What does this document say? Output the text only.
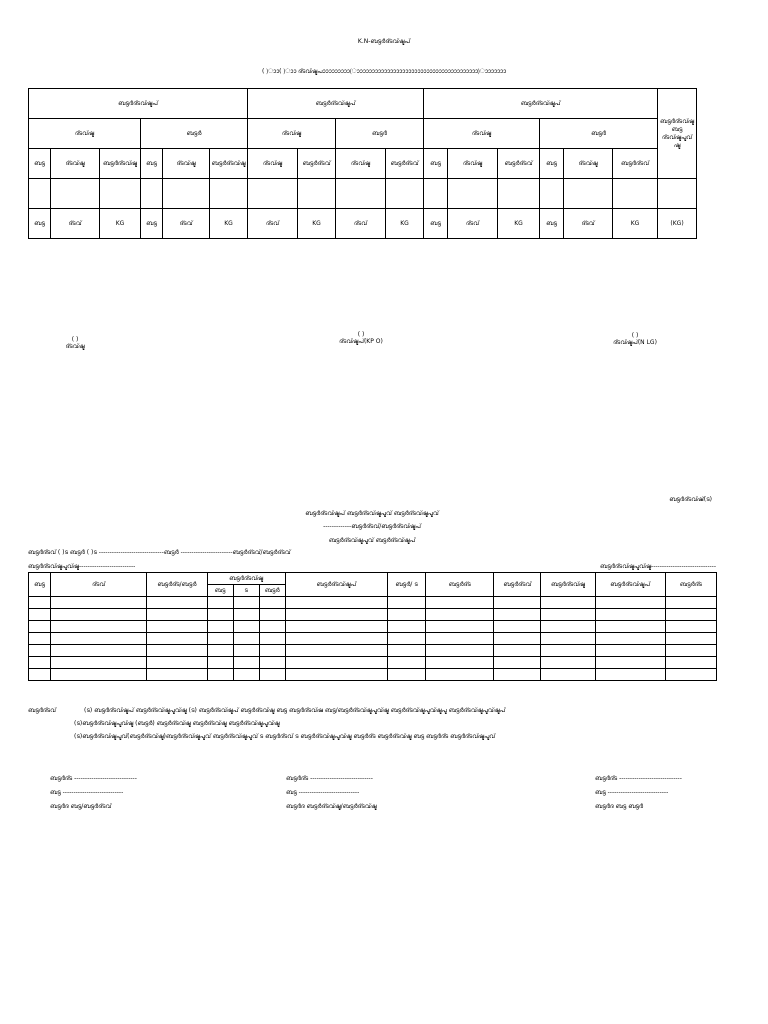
K.N-ബട്ടർദ്ടവ്ഷ്ടപ്
( )ാാ( )ാാ ദ്ടവ്ഷ്ടപാാാാാാാാാ(ാാാാാാാാാാാാാാാാാാാാാാാാാാാാാാാാാാാാാാാാ)ാാാാാാാ
ബട്ടർദ്ടവ്ഷ്ടപ്						ബട്ടർദ്ടവ്ഷ്ടപ്				ബട്ടർദ്ടവ്ഷ്ടപ്						ബട്ടർദ്ടവ്ഷ്ട ബട്ട ദ്ടവ്ഷ്ടപ്ടവ് ഷ്ട
ദ്ടവ്ഷ്ട			ബട്ടർ			ദ്ടവ്ഷ്ട		ബട്ടർ		ദ്ടവ്ഷ്ട			ബട്ടർ			
ബട്ട	ദ്ടവ്ഷ്ട	ബട്ടർദ്ടവ്ഷ്ട	ബട്ട	ദ്ടവ്ഷ്ട	ബട്ടർദ്ടവ്ഷ്ട	ദ്ടവ്ഷ്ട	ബട്ടർദ്ടവ്	ദ്ടവ്ഷ്ട	ബട്ടർദ്ടവ്	ബട്ട	ദ്ടവ്ഷ്ട	ബട്ടർദ്ടവ്	ബട്ട	ദ്ടവ്ഷ്ട	ബട്ടർദ്ടവ്	

ബട്ട	ദ്ടവ്	KG	ബട്ട	ദ്ടവ്	KG	ദ്ടവ്	KG	ദ്ടവ്	KG	ബട്ട	ദ്ടവ്	KG	ബട്ട	ദ്ടവ്	KG	(KG)
( )
ദ്ടവ്ഷ്ട
( )
ദ്ടവ്ഷ്ടപ്(KP O)
( )
ദ്ടവ്ഷ്ടപ്(N LG)
ബട്ടർദ്ടവ്ഷ്(ട)
ബട്ടർദ്ടവ്ഷ്ടപ് ബട്ടർദ്ടവ്ഷ്ടപ്ടവ് ബട്ടർദ്ടവ്ഷ്ടപ്ടവ്
-------------ബട്ടർദ്ടവ്/ബട്ടർദ്ടവ്ഷ്ടപ്
ബട്ടർദ്ടവ്ഷ്ടപ്ടവ് ബട്ടർദ്ടവ്ഷ്ടപ്
ബട്ടർദ്ടവ് ( )ട ബട്ടർ ( )ട ------------------------------ബട്ടർ ------------------------ബട്ടർദ്ടവ്/ബട്ടർദ്ടവ്
ബട്ടർദ്ടവ്ഷ്ടപ്ടവ്ഷ്ട--------------------------	ബട്ടർദ്ടവ്ഷ്ടപ്ടവ്ഷ്ട------------------------------
ബട്ട	ദ്ടവ്	ബട്ടർദ്ട/ബട്ടർ	ബട്ടർദ്ടവ്ഷ്ട			ബട്ടർദ്ടവ്ഷ്ടപ്	ബട്ടർ/ ട	ബട്ടർദ്ട	ബട്ടർദ്ടവ്	ബട്ടർദ്ടവ്ഷ്ട	ബട്ടർദ്ടവ്ഷ്ടപ്	ബട്ടർദ്ട
			ബട്ട	ട	ബട്ടർ							

ബട്ടർദ്ടവ്	(ട) ബട്ടർദ്ടവ്ഷ്ടപ് ബട്ടർദ്ടവ്ഷ്ടപ്ടവ്ഷ്ട (ട) ബട്ടർദ്ടവ്ഷ്ടപ് ബട്ടർദ്ടവ്ഷ്ട ബട്ട ബട്ടർദ്ടവ്ഷ ബട്ട/ബട്ടർദ്ടവ്ഷ്ടപ്ടവ്ഷ്ട ബട്ടർദ്ടവ്ഷ്ടപ്ടവ്ഷ്ടപ്ട ബട്ടർദ്ടവ്ഷ്ടപ്ടവ്ഷ്ടപ്
(ട)ബട്ടർദ്ടവ്ഷ്ടപ്ടവ്ഷ്ട (ബട്ടർ) ബട്ടർദ്ടവ്ഷ്ട ബട്ടർദ്ടവ്ഷ്ട ബട്ടർദ്ടവ്ഷ്ടപ്ടവ്ഷ്ട
(ട)ബട്ടർദ്ടവ്ഷ്ടപ്ടവ്(ബട്ടർദ്ടവ്ഷ്ട)ബട്ടർദ്ടവ്ഷ്ടപ്ടവ് ബട്ടർദ്ടവ്ഷ്ടപ്ടവ് ട ബട്ടർദ്ടവ് ട ബട്ടർദ്ടവ്ഷ്ടപ്ടവ്ഷ്ട ബട്ടർദ്ട ബട്ടർദ്ടവ്ഷ്ട ബട്ട ബട്ടർദ്ട ബട്ടർദ്ടവ്ഷ്ടപ്ടവ്
ബട്ടർദ്ട -----------------------------
ബട്ട ----------------------------
ബട്ടർദ ബട്ട/ബട്ടർദ്ടവ്
ബട്ടർദ്ട -----------------------------
ബട്ട ----------------------------
ബട്ടർദ ബട്ടർദ്ടവ്ഷ്ട/ബട്ടർദ്ടവ്ഷ്ട
ബട്ടർദ്ട -----------------------------
ബട്ട ----------------------------
ബട്ടർദ ബട്ട ബട്ടർ
